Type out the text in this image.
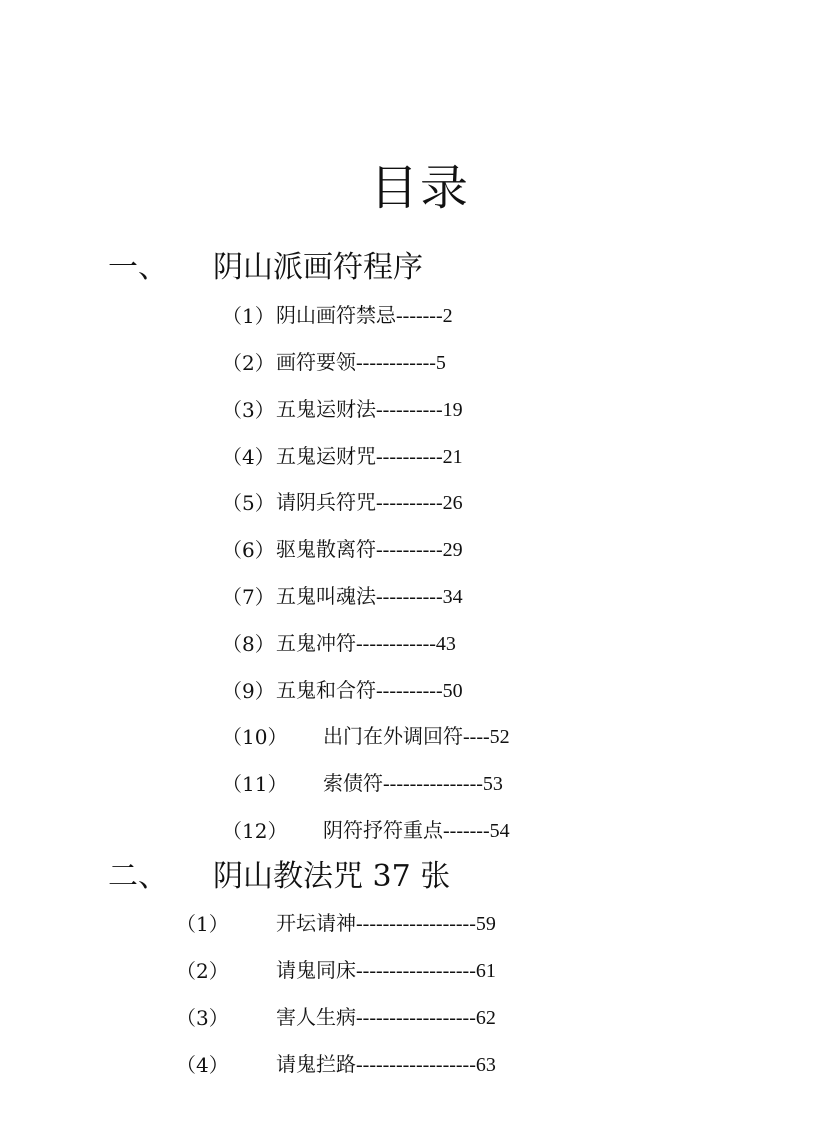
目录
一、 阴山派画符程序
（1） 阴山画符禁忌-------2
（2） 画符要领------------5
（3） 五鬼运财法----------19
（4） 五鬼运财咒----------21
（5） 请阴兵符咒----------26
（6） 驱鬼散离符----------29
（7） 五鬼叫魂法----------34
（8） 五鬼冲符------------43
（9） 五鬼和合符----------50
（10） 出门在外调回符----52
（11） 索债符---------------53
（12） 阴符抒符重点-------54
二、 阴山教法咒 37 张
（1） 开坛请神------------------59
（2） 请鬼同床------------------61
（3） 害人生病------------------62
（4） 请鬼拦路------------------63
